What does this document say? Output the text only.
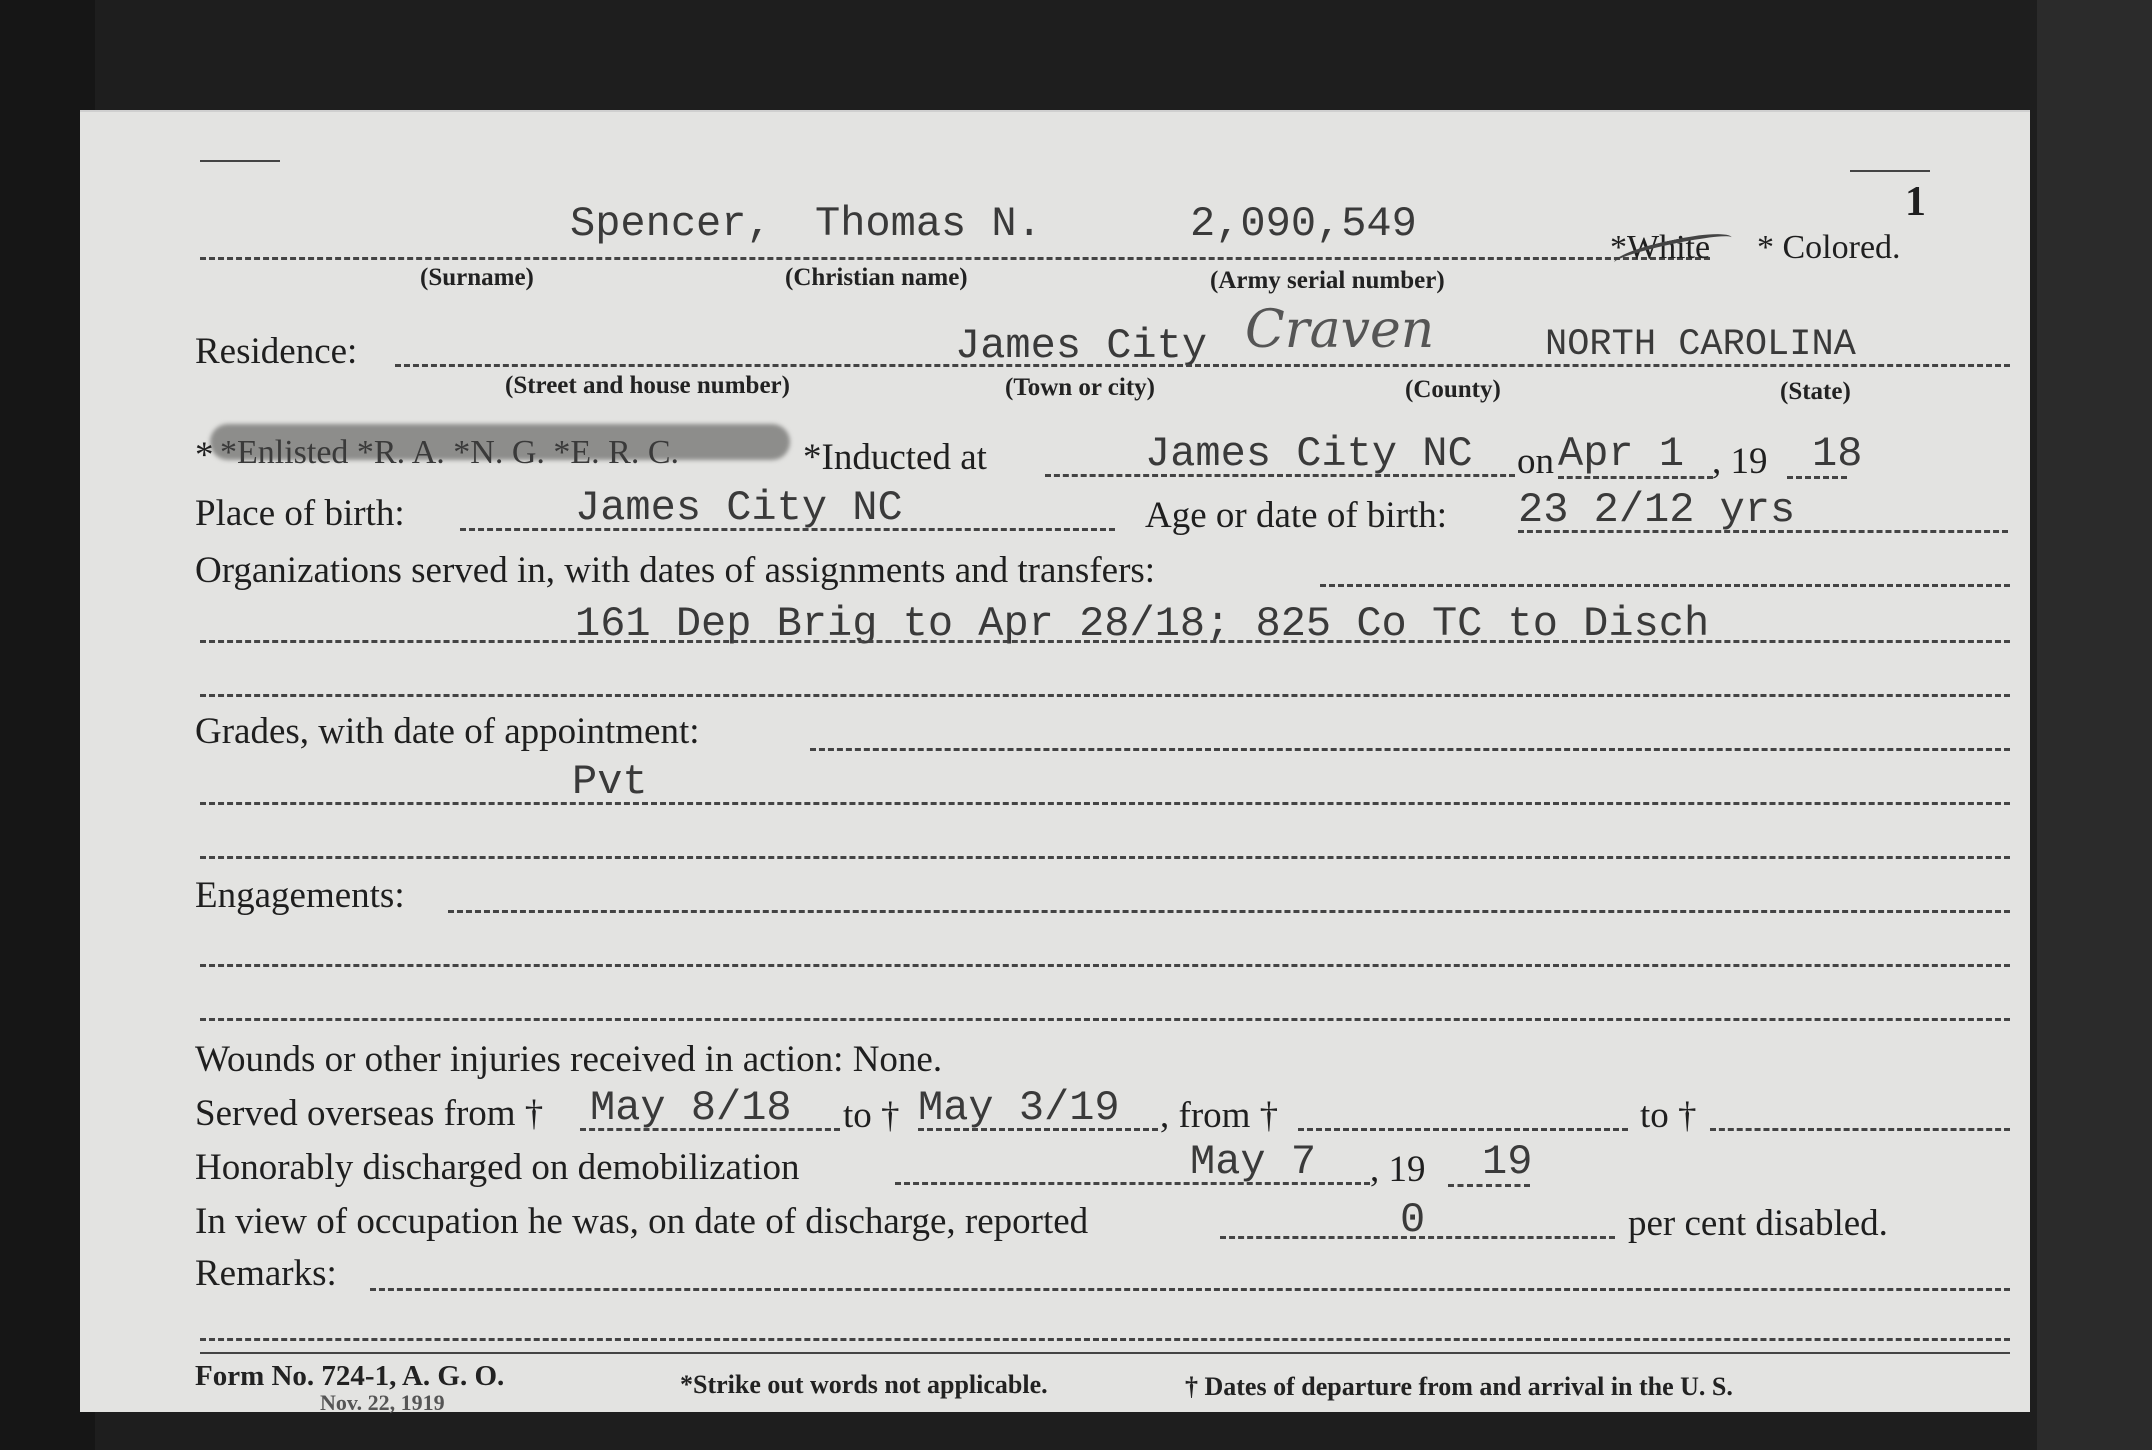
1
Spencer, Thomas N.	2,090,549	*White * Colored.
(Surname)	(Christian name)	(Army serial number)
Residence:	James City Craven	NORTH CAROLINA
(Street and house number)	(Town or city)	(County)	(State)
* *Enlisted *R. A. *N. G. *E. R. C.	*Inducted at	James City NC on Apr 1 , 19 18
Place of birth:	James City NC	Age or date of birth: 23 2/12 yrs
Organizations served in, with dates of assignments and transfers:
161 Dep Brig to Apr 28/18; 825 Co TC to Disch
Grades, with date of appointment:
Pvt
Engagements:
Wounds or other injuries received in action: None.
Served overseas from † May 8/18 to † May 3/19 , from †	to †
Honorably discharged on demobilization	May 7 , 19 19
In view of occupation he was, on date of discharge, reported	0	per cent disabled.
Remarks:
Form No. 724-1, A. G. O.
Nov. 22, 1919
*Strike out words not applicable.	† Dates of departure from and arrival in the U. S.
